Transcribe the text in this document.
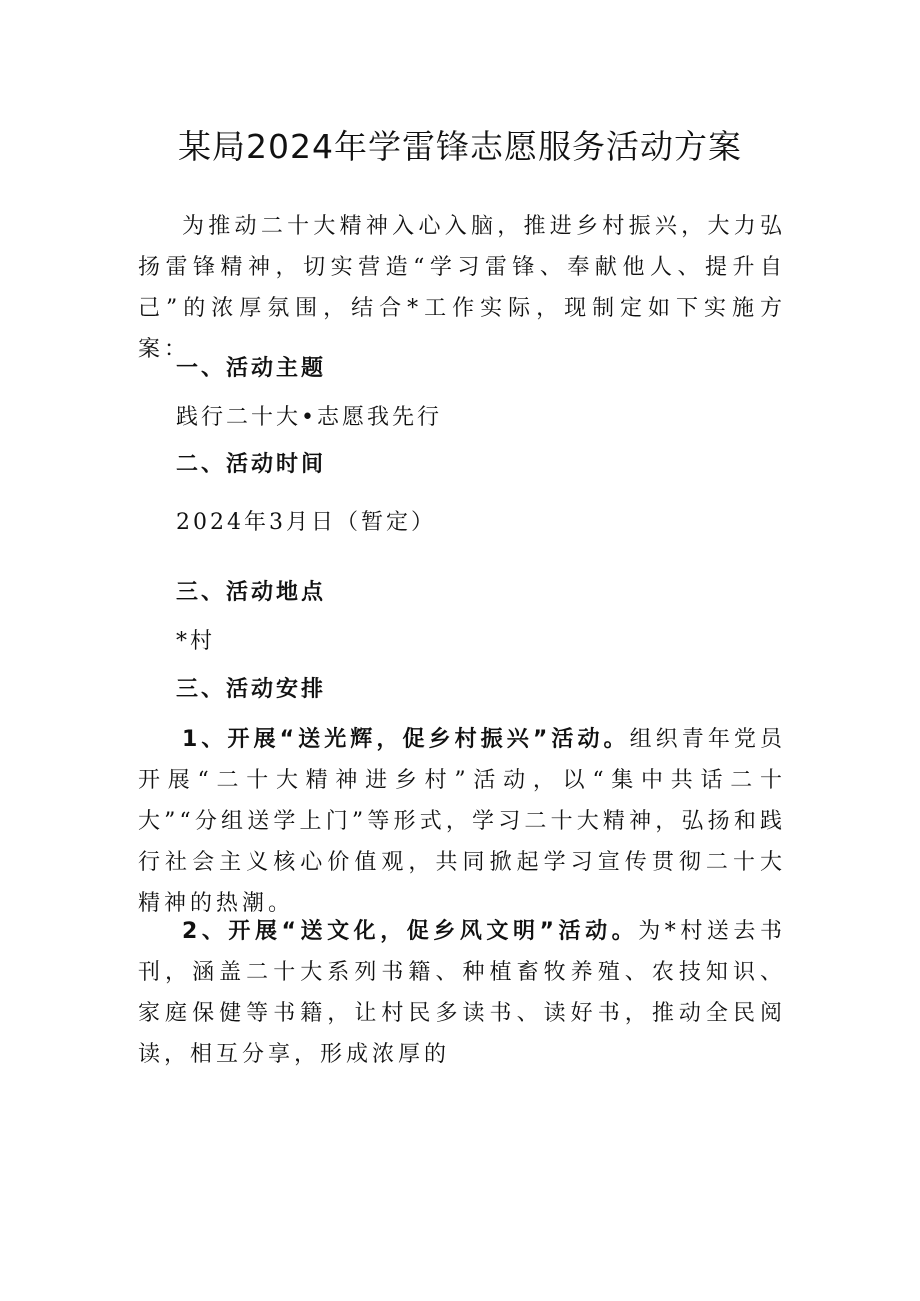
某局2024年学雷锋志愿服务活动方案

为推动二十大精神入心入脑，推进乡村振兴，大力弘扬雷锋精神，切实营造“学习雷锋、奉献他人、提升自己”的浓厚氛围，结合*工作实际，现制定如下实施方案：

一、活动主题

践行二十大•志愿我先行

二、活动时间

2024年3月日（暂定）

三、活动地点

*村

三、活动安排

1、开展“送光辉，促乡村振兴”活动。组织青年党员开展“二十大精神进乡村”活动，以“集中共话二十大”“分组送学上门”等形式，学习二十大精神，弘扬和践行社会主义核心价值观，共同掀起学习宣传贯彻二十大精神的热潮。

2、开展“送文化，促乡风文明”活动。为*村送去书刊，涵盖二十大系列书籍、种植畜牧养殖、农技知识、家庭保健等书籍，让村民多读书、读好书，推动全民阅读，相互分享，形成浓厚的
